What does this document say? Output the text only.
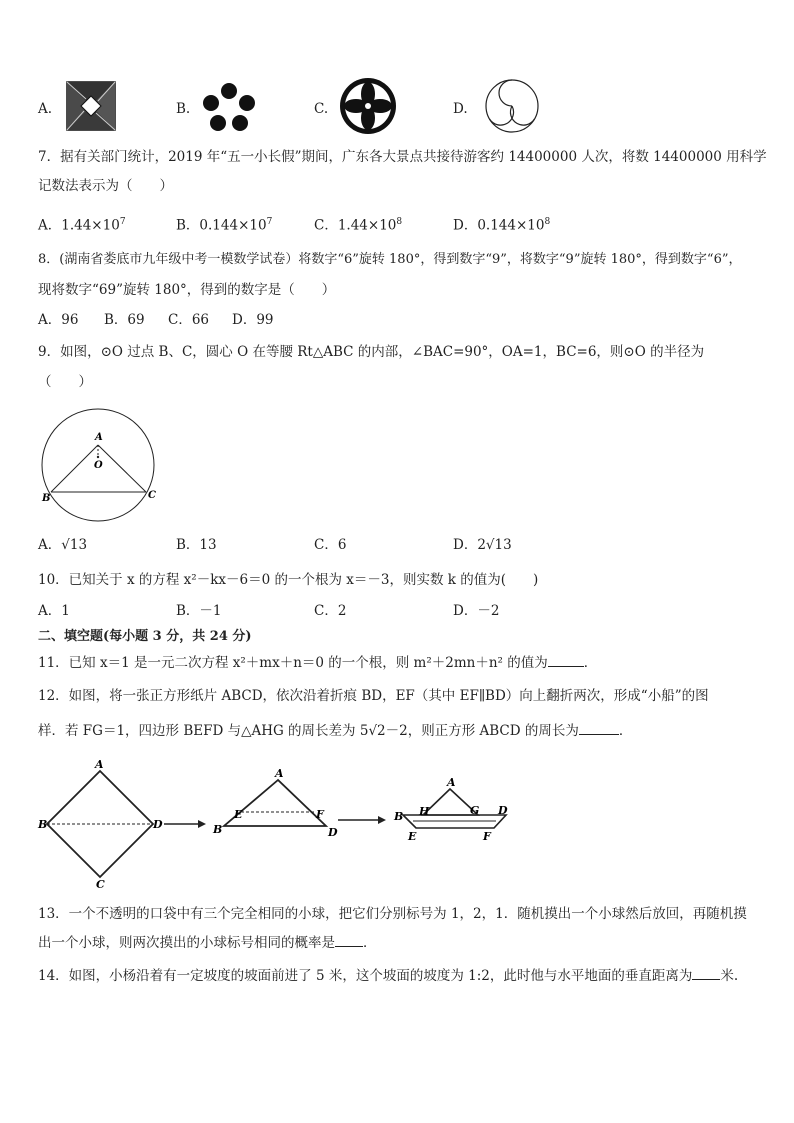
A.	B.	C.	D.
7．据有关部门统计，2019 年“五一小长假”期间，广东各大景点共接待游客约 14400000 人次，将数 14400000 用科学
记数法表示为（　　）
A．$1.44\times 10^7$	B．$0.144\times 10^7$	C．$1.44\times 10^8$	D．$0.144\times 10^8$
8．(湖南省娄底市九年级中考一模数学试卷）将数字“6”旋转 180°，得到数字“9”，将数字“9”旋转 180°，得到数字“6”，
现将数字“69”旋转 180°，得到的数字是（　　）
A．96 B．69 C．66 D．99
9．如图，⊙O 过点 B、C，圆心 O 在等腰 Rt△ABC 的内部，∠BAC=90°，OA=1，BC=6，则⊙O 的半径为
（　　）
A
O
B	C
A．√13	B．13	C．6	D．2√13
10．已知关于 x 的方程 x²－kx－6＝0 的一个根为 x＝－3，则实数 k 的值为(　　)
A．1	B．－1	C．2	D．－2
二、填空题(每小题 3 分，共 24 分)
11．已知 x＝1 是一元二次方程 x²＋mx＋n＝0 的一个根，则 m²＋2mn＋n² 的值为	．
12．如图，将一张正方形纸片 ABCD，依次沿着折痕 BD，EF（其中 EF∥BD）向上翻折两次，形成“小船”的图
样．若 FG＝1，四边形 BEFD 与△AHG 的周长差为 5√2－2，则正方形 ABCD 的周长为	．
A
B	D
C
A
E	F
B	D
A
H	G
B	D
E	F
13．一个不透明的口袋中有三个完全相同的小球，把它们分别标号为 1，2，1．随机摸出一个小球然后放回，再随机摸
出一个小球，则两次摸出的小球标号相同的概率是 ．
14．如图，小杨沿着有一定坡度的坡面前进了 5 米，这个坡面的坡度为 1:2，此时他与水平地面的垂直距离为 米.
